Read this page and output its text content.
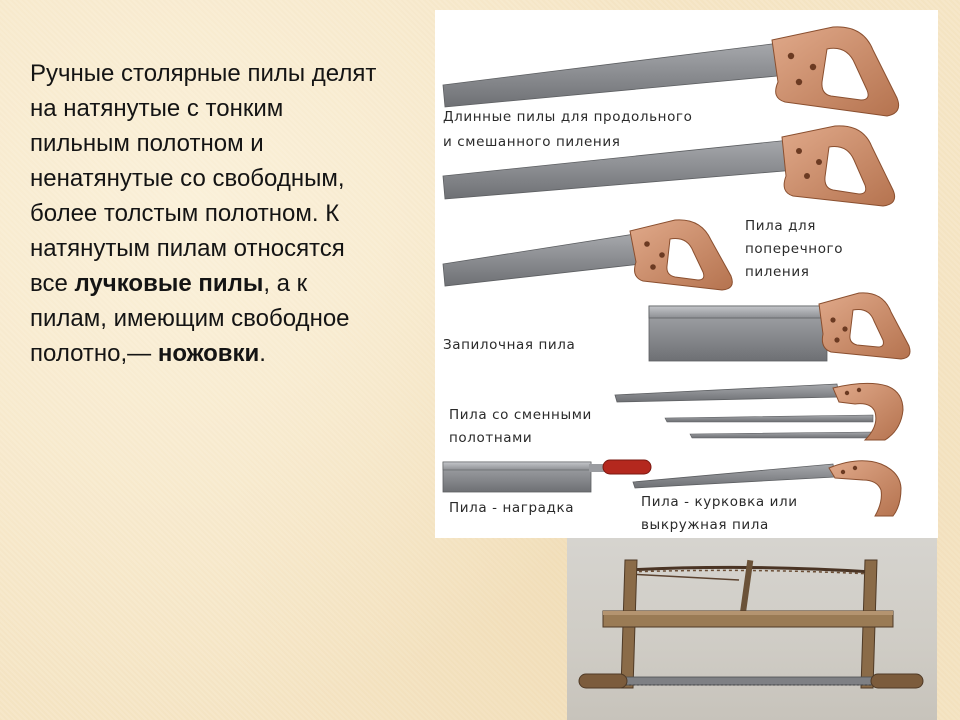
Ручные столярные пилы делят на натянутые с тонким пильным полотном и ненатянутые со свободным, более толстым полотном. К натянутым пилам относятся все лучковые пилы, а к пилам, имеющим свободное полотно,— ножовки.

Длинные пилы для продольного
и смешанного пиления
Пила для
поперечного
пиления
Запилочная пила
Пила со сменными
полотнами
Пила - наградка	Пила - курковка или
выкружная пила
